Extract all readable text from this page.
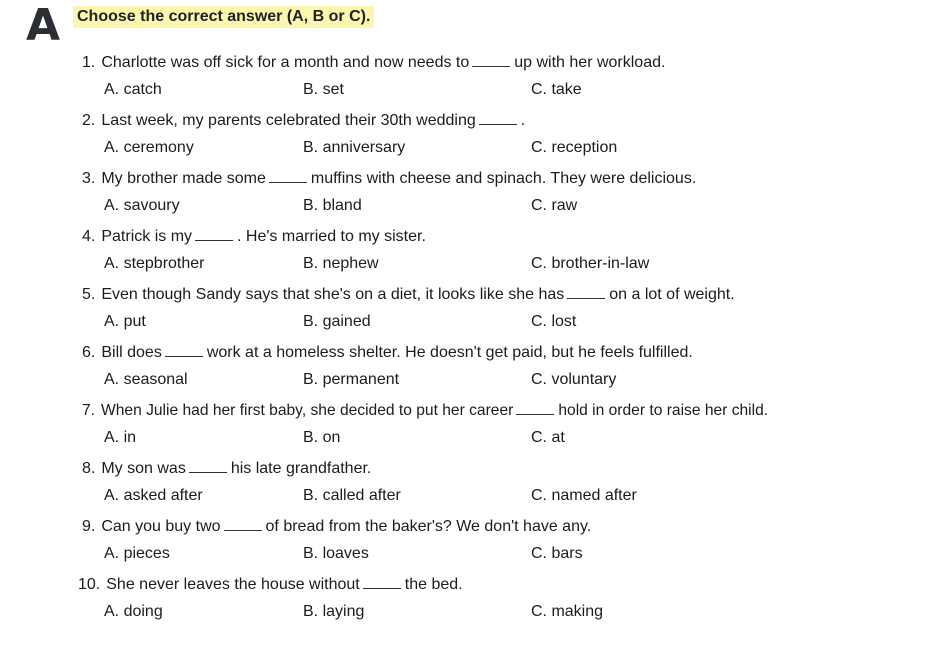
A Choose the correct answer (A, B or C).
1. Charlotte was off sick for a month and now needs to	up with her workload.
A. catch	B. set	C. take
2. Last week, my parents celebrated their 30th wedding	.
A. ceremony	B. anniversary	C. reception
3. My brother made some	muffins with cheese and spinach. They were delicious.
A. savoury	B. bland	C. raw
4. Patrick is my	. He's married to my sister.
A. stepbrother	B. nephew	C. brother-in-law
5. Even though Sandy says that she's on a diet, it looks like she has	on a lot of weight.
A. put	B. gained	C. lost
6. Bill does	work at a homeless shelter. He doesn't get paid, but he feels fulfilled.
A. seasonal	B. permanent	C. voluntary
7. When Julie had her first baby, she decided to put her career	hold in order to raise her child.
A. in	B. on	C. at
8. My son was	his late grandfather.
A. asked after	B. called after	C. named after
9. Can you buy two	of bread from the baker's? We don't have any.
A. pieces	B. loaves	C. bars
10. She never leaves the house without	the bed.
A. doing	B. laying	C. making
